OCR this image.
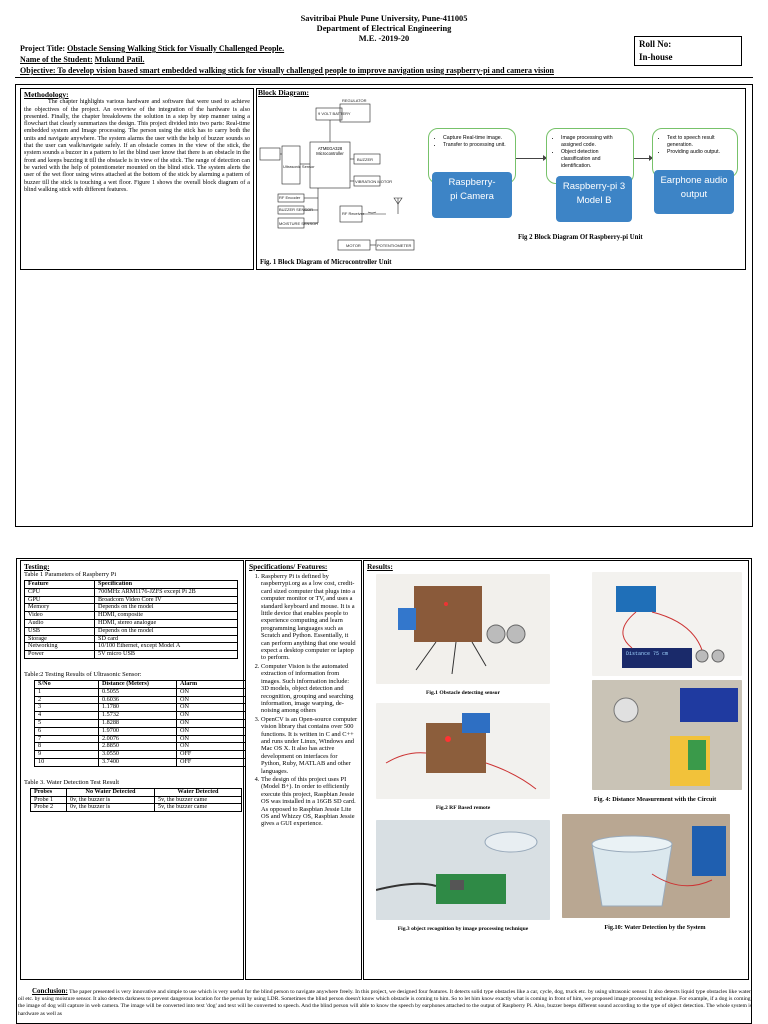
Savitribai Phule Pune University, Pune-411005
Department of Electrical Engineering
M.E. -2019-20
Roll No:
In-house
Project Title: Obstacle Sensing Walking Stick for Visually Challenged People.
Name of the Student: Mukund Patil.
Objective: To develop vision based smart embedded walking stick for visually challenged people to improve navigation using raspberry-pi and camera vision
Methodology:

The chapter highlights various hardware and software that were used to achieve the objectives of the project. An overview of the integration of the hardware is also presented. Finally, the chapter breakdowns the solution in a step by step manner using a flowchart that clearly summarizes the design. This project divided into two parts: Real-time embedded system and Image processing. The person using the stick has to carry both the units and navigate anywhere. The system alarms the user with the help of buzzer sounds so that the user can walk/navigate safely. If an obstacle comes in the view of the stick, the system sounds a buzzer in a pattern to let the blind user know that there is an obstacle in the front and keeps buzzing it till the obstacle is in view of the stick. The range of detection can be varied with the help of potentiometer mounted on the blind stick. The system alerts the user of the wet floor using wires attached at the bottom of the stick by alarming a pattern of buzzer till the stick is touching a wet floor. Figure 1 shows the overall block diagram of a blind walking stick with different features.

Block Diagram:
9 VOLT BATTERY
REGULATOR
Ultrasonic Sensor
MOISTURE SENSOR
BUZZER
VIBRATION MOTOR
RF Encoder
RF Receiver
BUZZER SENSOR
MOTOR	POTENTIOMETER
ATMEGA328 Microcontroller
Fig. 1 Block Diagram of Microcontroller Unit
• Capture Real-time image.
• Transfer to processing unit.
Raspberry-pi Camera
• Image processing with assigned code.
• Object detection classification and identification.
Raspberry-pi 3 Model B
• Text to speech result generation.
• Providing audio output.
Earphone audio output
Fig 2 Block Diagram Of Raspberry-pi Unit
Testing:
Table 1 Parameters of Raspberry Pi
Feature	Specification
CPU	700MHz ARM1176-JZFS except Pi 2B
GPU	Broadcom Video Core IV
Memory	Depends on the model
Video	HDMI, composite
Audio	HDMI, stereo analogue
USB	Depends on the model
Storage	SD card
Networking	10/100 Ethernet, except Model A
Power	5V micro USB
Table:2 Testing Results of Ultrasonic Sensor:
S/No	Distance (Meters)	Alarm
1	0.5055	ON
2	0.6036	ON
3	1.1780	ON
4	1.5732	ON
5	1.8288	ON
6	1.9700	ON
7	2.0076	ON
8	2.8850	ON
9	3.0550	OFF
10	3.7400	OFF
Table 3. Water Detection Test Result
Probes	No Water Detected	Water Detected
Probe 1	0v, the buzzer is	5v, the buzzer came
Probe 2	0v, the buzzer is	5v, the buzzer came
Specifications/ Features:
1. Raspberry Pi is defined by raspberrypi.org as a low cost, credit-card sized computer that plugs into a computer monitor or TV, and uses a standard keyboard and mouse. It is a little device that enables people to experience computing and learn programming languages such as Scratch and Python. Essentially, it can perform anything that one would expect a desktop computer or laptop to perform.
2. Computer Vision is the automated extraction of information from images. Such information include: 3D models, object detection and recognition, grouping and searching information, image warping, de-noising among others
3. OpenCV is an Open-source computer vision library that contains over 500 functions. It is written in C and C++ and runs under Linux, Windows and Mac OS X. It also has active development on interfaces for Python, Ruby, MATLAB and other languages.
4. The design of this project uses PI (Model B+). In order to efficiently execute this project, Raspbian Jessie OS was installed in a 16GB SD card. As opposed to Raspbian Jessie Lite OS and Whizzy OS, Raspbian Jessie gives a GUI experience.
Results:
Fig.1 Obstacle detecting sensor
Fig.2 RF Based remote
Fig.3 object recognition by image processing technique
Distance 75 cm
Fig. 4: Distance Measurement with the Circuit
Fig.10: Water Detection by the System
Conclusion: The paper presented is very innovative and simple to use which is very useful for the blind person to navigate anywhere freely. In this project, we designed four features. It detects solid type obstacles like a car, cycle, dog, truck etc. by using ultrasonic sensor. It also detects liquid type obstacles like water, oil etc. by using moisture sensor. It also detects darkness to prevent dangerous location for the person by using LDR. Sometimes the blind person doesn't know which obstacle is coming to him. So to let him know exactly what is coming in front of him, we proposed image processing technique. For example, if a dog is coming, the image of dog will capture in web camera. The image will be converted into text 'dog' and text will be converted to speech. And the blind person will able to know the speech by earphones attached to the output of Raspberry Pi. Also, buzzer beeps different sound according to the type of object detection. The whole system is hardware as well as
